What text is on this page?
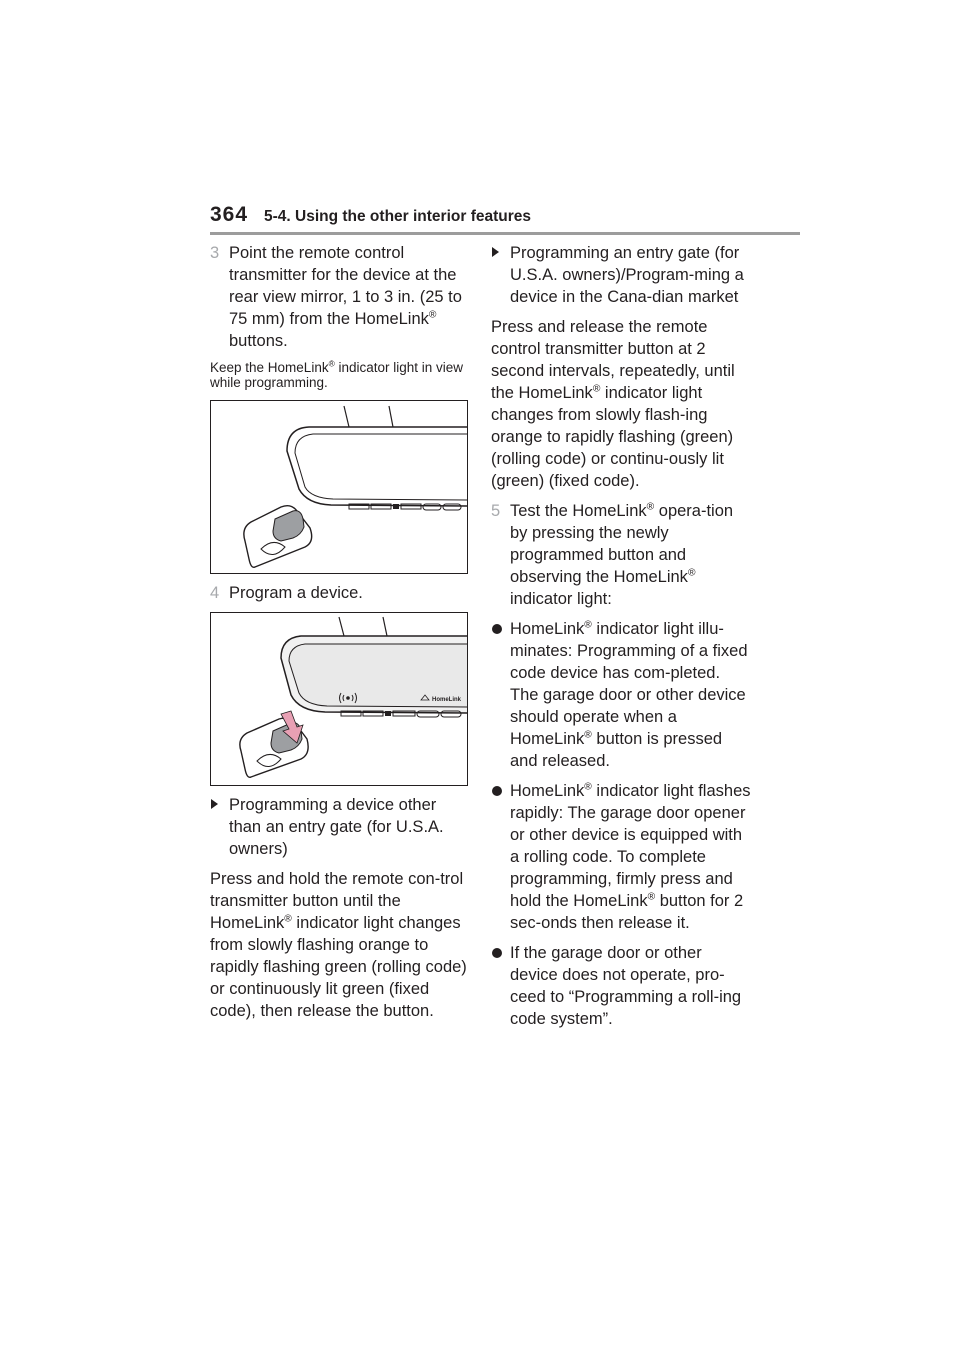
364 5-4. Using the other interior features
3 Point the remote control transmitter for the device at the rear view mirror, 1 to 3 in. (25 to 75 mm) from the HomeLink® buttons.
Keep the HomeLink® indicator light in view while programming.
4 Program a device.
HomeLink
Programming a device other than an entry gate (for U.S.A. owners)
Press and hold the remote con-trol transmitter button until the HomeLink® indicator light changes from slowly flashing orange to rapidly flashing green (rolling code) or continuously lit green (fixed code), then release the button.
Programming an entry gate (for U.S.A. owners)/Program-ming a device in the Cana-dian market
Press and release the remote control transmitter button at 2 second intervals, repeatedly, until the HomeLink® indicator light changes from slowly flash-ing orange to rapidly flashing (green) (rolling code) or continu-ously lit (green) (fixed code).
5 Test the HomeLink® opera-tion by pressing the newly programmed button and observing the HomeLink® indicator light:
HomeLink® indicator light illu-minates: Programming of a fixed code device has com-pleted. The garage door or other device should operate when a HomeLink® button is pressed and released.
HomeLink® indicator light flashes rapidly: The garage door opener or other device is equipped with a rolling code. To complete programming, firmly press and hold the HomeLink® button for 2 sec-onds then release it.
If the garage door or other device does not operate, pro-ceed to “Programming a roll-ing code system”.
